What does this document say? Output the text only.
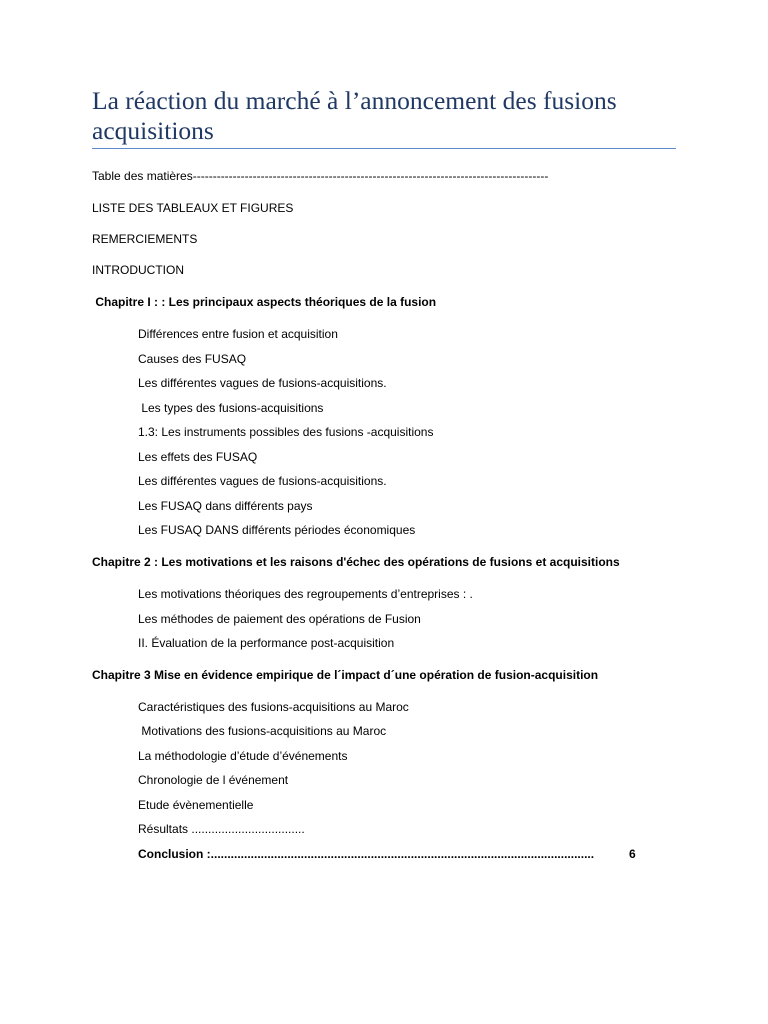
La réaction du marché à l’annoncement des fusions acquisitions
Table des matières-----------------------------------------------------------------------------------------
LISTE DES TABLEAUX ET FIGURES
REMERCIEMENTS
INTRODUCTION
Chapitre I : : Les principaux aspects théoriques de la fusion
Différences entre fusion et acquisition
Causes des FUSAQ
Les différentes vagues de fusions-acquisitions.
Les types des fusions-acquisitions
1.3: Les instruments possibles des fusions -acquisitions
Les effets des FUSAQ
Les différentes vagues de fusions-acquisitions.
Les FUSAQ dans différents pays
Les FUSAQ DANS différents périodes économiques
Chapitre 2 : Les motivations et les raisons d'échec des opérations de fusions et acquisitions
Les motivations théoriques des regroupements d’entreprises : .
Les méthodes de paiement des opérations de Fusion
II. Évaluation de la performance post-acquisition
Chapitre 3 Mise en évidence empirique de l´impact d´une opération de fusion-acquisition
Caractéristiques des fusions-acquisitions au Maroc
Motivations des fusions-acquisitions au Maroc
La méthodologie d’étude d’événements
Chronologie de l événement
Etude évènementielle
Résultats ..................................
Conclusion :...................................................................................................................	6
